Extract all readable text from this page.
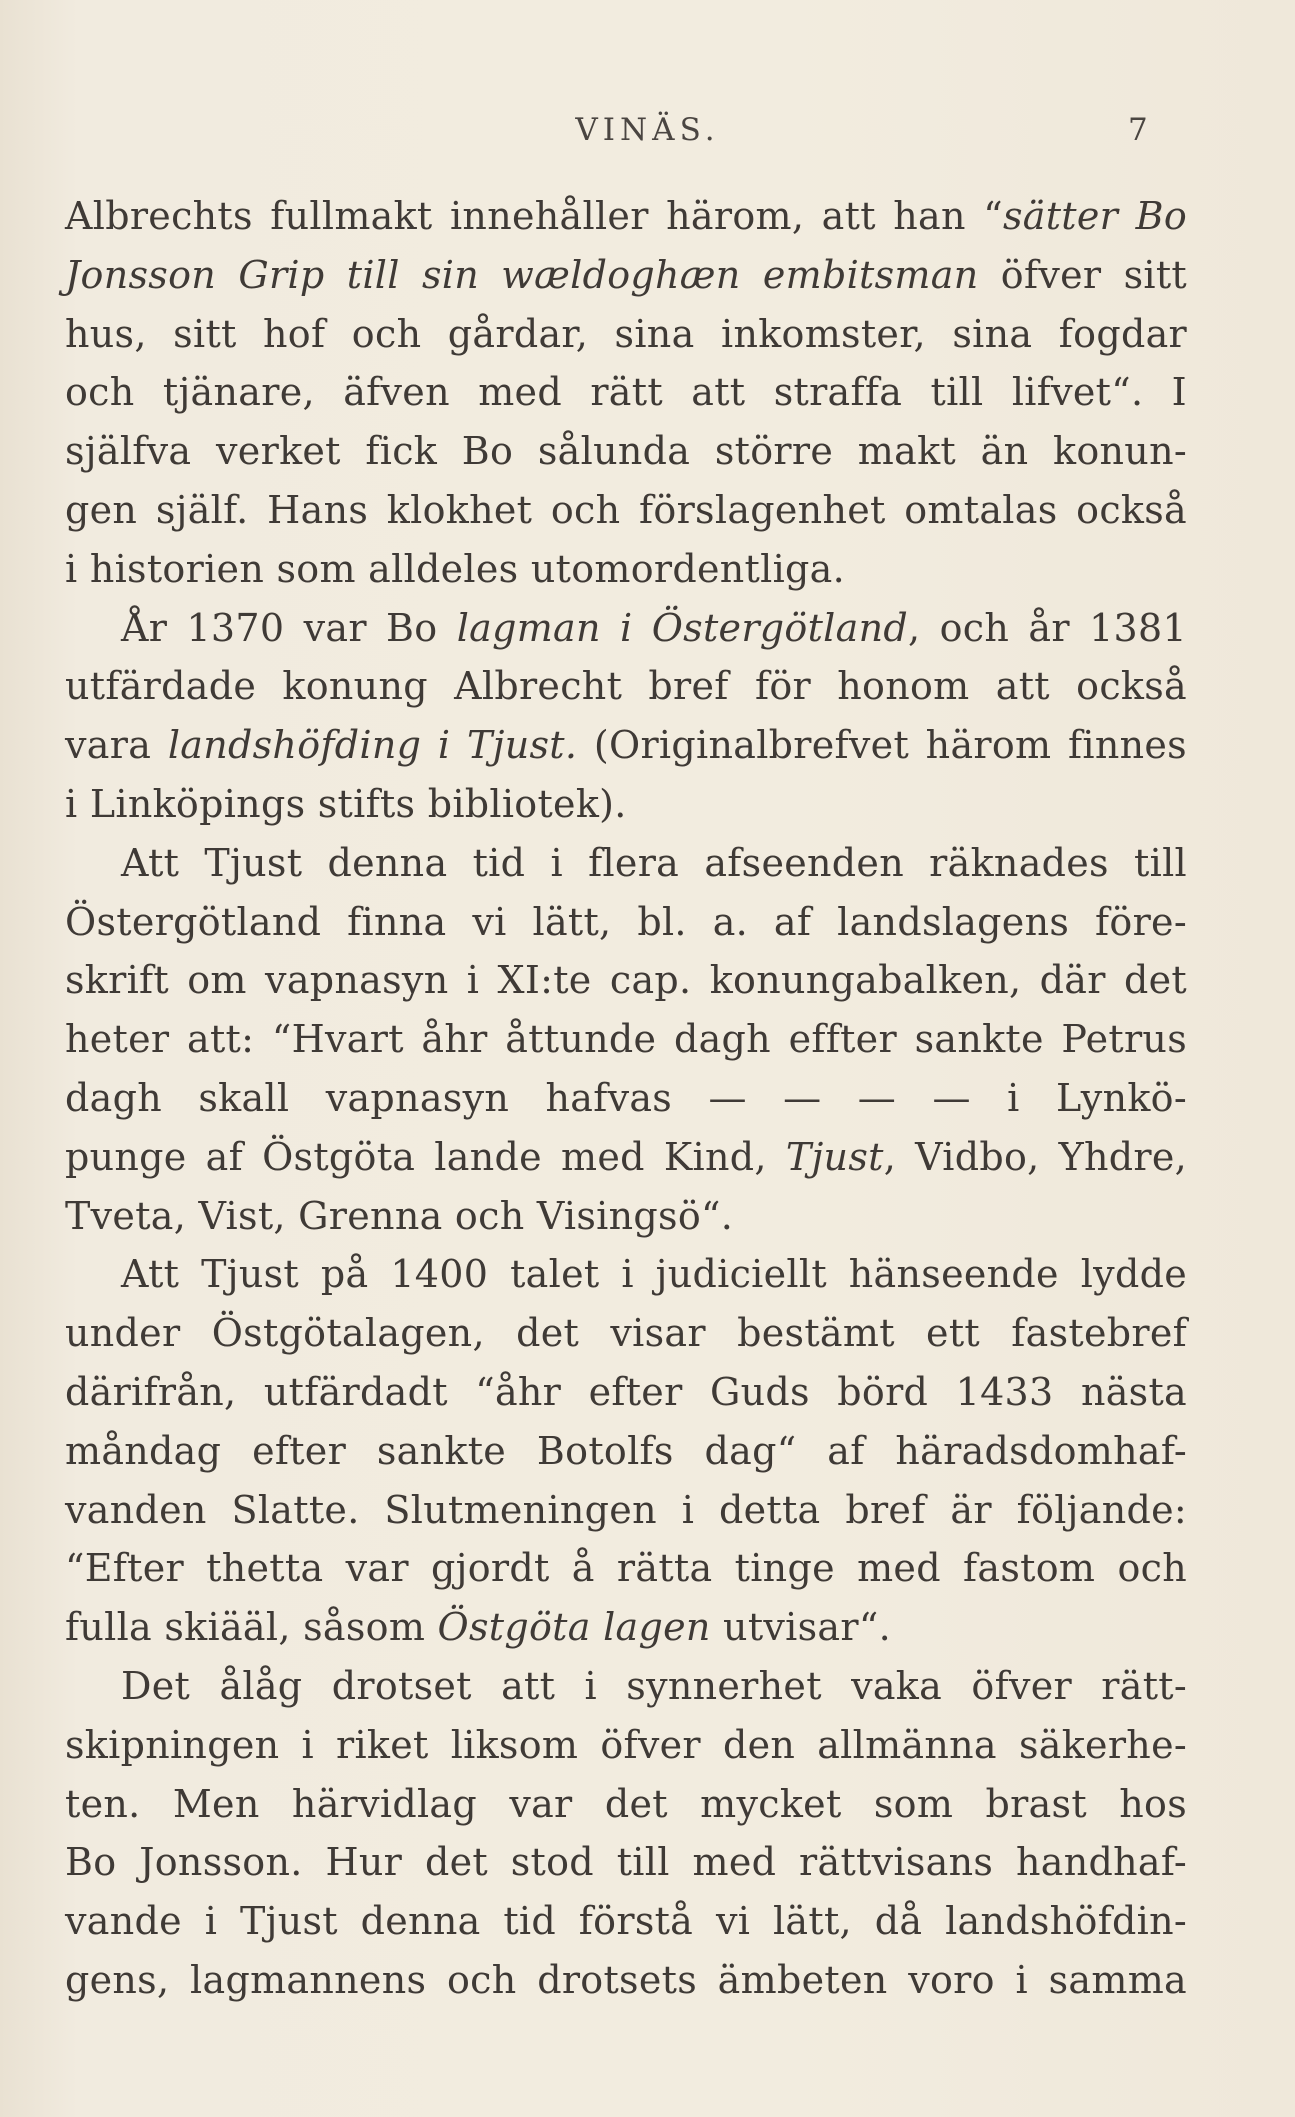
VINÄS.	7
Albrechts fullmakt innehåller härom, att han “sätter Bo
Jonsson Grip till sin wældoghæn embitsman öfver sitt
hus, sitt hof och gårdar, sina inkomster, sina fogdar
och tjänare, äfven med rätt att straffa till lifvet“. I
själfva verket fick Bo sålunda större makt än konun-
gen själf. Hans klokhet och förslagenhet omtalas också
i historien som alldeles utomordentliga.
År 1370 var Bo lagman i Östergötland, och år 1381
utfärdade konung Albrecht bref för honom att också
vara landshöfding i Tjust. (Originalbrefvet härom finnes
i Linköpings stifts bibliotek).
Att Tjust denna tid i flera afseenden räknades till
Östergötland finna vi lätt, bl. a. af landslagens före-
skrift om vapnasyn i XI:te cap. konungabalken, där det
heter att: “Hvart åhr åttunde dagh effter sankte Petrus
dagh skall vapnasyn hafvas — — — — i Lynkö-
punge af Östgöta lande med Kind, Tjust, Vidbo, Yhdre,
Tveta, Vist, Grenna och Visingsö“.
Att Tjust på 1400 talet i judiciellt hänseende lydde
under Östgötalagen, det visar bestämt ett fastebref
därifrån, utfärdadt “åhr efter Guds börd 1433 nästa
måndag efter sankte Botolfs dag“ af häradsdomhaf-
vanden Slatte. Slutmeningen i detta bref är följande:
“Efter thetta var gjordt å rätta tinge med fastom och
fulla skiääl, såsom Östgöta lagen utvisar“.
Det ålåg drotset att i synnerhet vaka öfver rätt-
skipningen i riket liksom öfver den allmänna säkerhe-
ten. Men härvidlag var det mycket som brast hos
Bo Jonsson. Hur det stod till med rättvisans handhaf-
vande i Tjust denna tid förstå vi lätt, då landshöfdin-
gens, lagmannens och drotsets ämbeten voro i samma
